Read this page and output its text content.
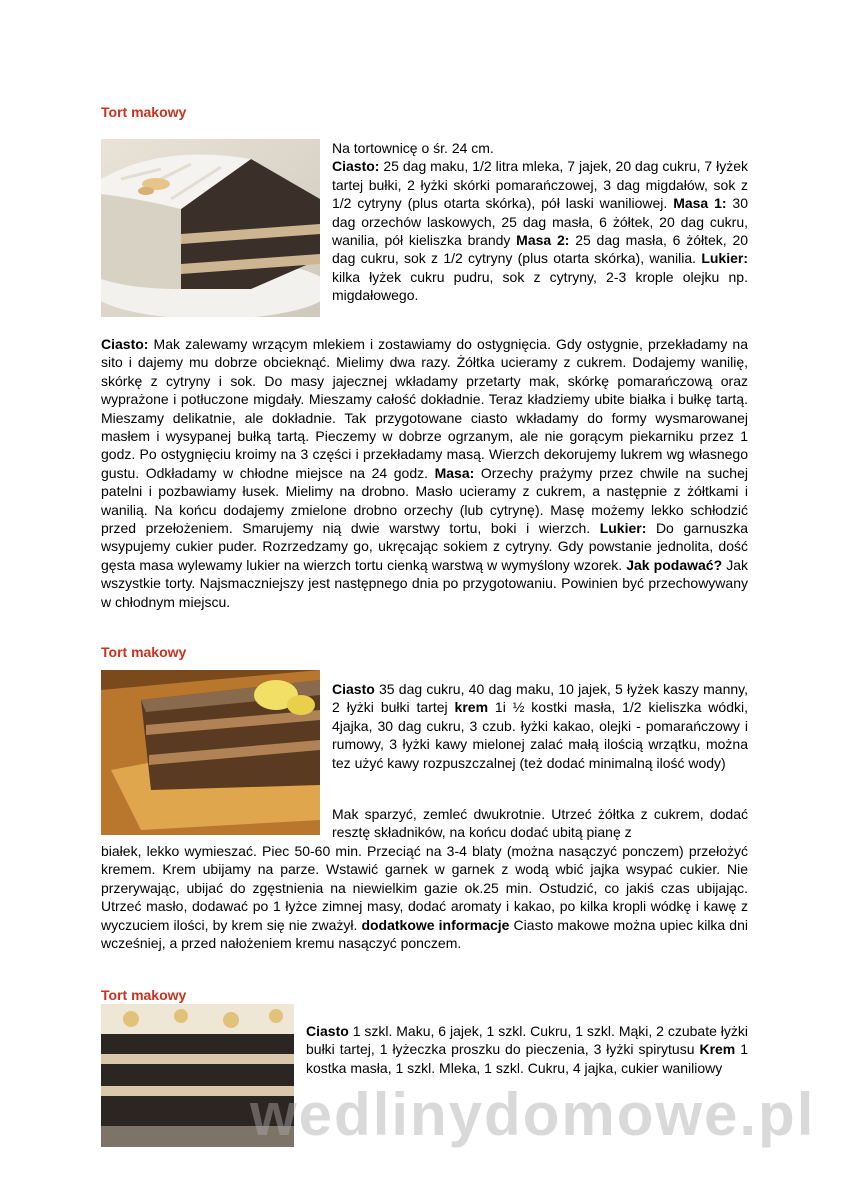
Tort makowy
Na tortownicę o śr. 24 cm.
Ciasto: 25 dag maku, 1/2 litra mleka, 7 jajek, 20 dag cukru, 7 łyżek tartej bułki, 2 łyżki skórki pomarańczowej, 3 dag migdałów, sok z 1/2 cytryny (plus otarta skórka), pół laski waniliowej. Masa 1: 30 dag orzechów laskowych, 25 dag masła, 6 żółtek, 20 dag cukru, wanilia, pół kieliszka brandy Masa 2: 25 dag masła, 6 żółtek, 20 dag cukru, sok z 1/2 cytryny (plus otarta skórka), wanilia. Lukier: kilka łyżek cukru pudru, sok z cytryny, 2-3 krople olejku np. migdałowego.
Ciasto: Mak zalewamy wrzącym mlekiem i zostawiamy do ostygnięcia. Gdy ostygnie, przekładamy na sito i dajemy mu dobrze obcieknąć. Mielimy dwa razy. Żółtka ucieramy z cukrem. Dodajemy wanilię, skórkę z cytryny i sok. Do masy jajecznej wkładamy przetarty mak, skórkę pomarańczową oraz wyprażone i potłuczone migdały. Mieszamy całość dokładnie. Teraz kładziemy ubite białka i bułkę tartą. Mieszamy delikatnie, ale dokładnie. Tak przygotowane ciasto wkładamy do formy wysmarowanej masłem i wysypanej bułką tartą. Pieczemy w dobrze ogrzanym, ale nie gorącym piekarniku przez 1 godz. Po ostygnięciu kroimy na 3 części i przekładamy masą. Wierzch dekorujemy lukrem wg własnego gustu. Odkładamy w chłodne miejsce na 24 godz. Masa: Orzechy prażymy przez chwile na suchej patelni i pozbawiamy łusek. Mielimy na drobno. Masło ucieramy z cukrem, a następnie z żółtkami i wanilią. Na końcu dodajemy zmielone drobno orzechy (lub cytrynę). Masę możemy lekko schłodzić przed przełożeniem. Smarujemy nią dwie warstwy tortu, boki i wierzch. Lukier: Do garnuszka wsypujemy cukier puder. Rozrzedzamy go, ukręcając sokiem z cytryny. Gdy powstanie jednolita, dość gęsta masa wylewamy lukier na wierzch tortu cienką warstwą w wymyślony wzorek. Jak podawać? Jak wszystkie torty. Najsmaczniejszy jest następnego dnia po przygotowaniu. Powinien być przechowywany w chłodnym miejscu.
Tort makowy
Ciasto 35 dag cukru, 40 dag maku, 10 jajek, 5 łyżek kaszy manny, 2 łyżki bułki tartej krem 1i ½ kostki masła, 1/2 kieliszka wódki, 4jajka, 30 dag cukru, 3 czub. łyżki kakao, olejki - pomarańczowy i rumowy, 3 łyżki kawy mielonej zalać małą ilością wrzątku, można tez użyć kawy rozpuszczalnej (też dodać minimalną ilość wody)
Mak sparzyć, zemleć dwukrotnie. Utrzeć żółtka z cukrem, dodać resztę składników, na końcu dodać ubitą pianę z
białek, lekko wymieszać. Piec 50-60 min. Przeciąć na 3-4 blaty (można nasączyć ponczem) przełożyć kremem. Krem ubijamy na parze. Wstawić garnek w garnek z wodą wbić jajka wsypać cukier. Nie przerywając, ubijać do zgęstnienia na niewielkim gazie ok.25 min. Ostudzić, co jakiś czas ubijając. Utrzeć masło, dodawać po 1 łyżce zimnej masy, dodać aromaty i kakao, po kilka kropli wódkę i kawę z wyczuciem ilości, by krem się nie zważył. dodatkowe informacje Ciasto makowe można upiec kilka dni wcześniej, a przed nałożeniem kremu nasączyć ponczem.
Tort makowy
Ciasto 1 szkl. Maku, 6 jajek, 1 szkl. Cukru, 1 szkl. Mąki, 2 czubate łyżki bułki tartej, 1 łyżeczka proszku do pieczenia, 3 łyżki spirytusu Krem 1 kostka masła, 1 szkl. Mleka, 1 szkl. Cukru, 4 jajka, cukier waniliowy
wedlinydomowe.pl
